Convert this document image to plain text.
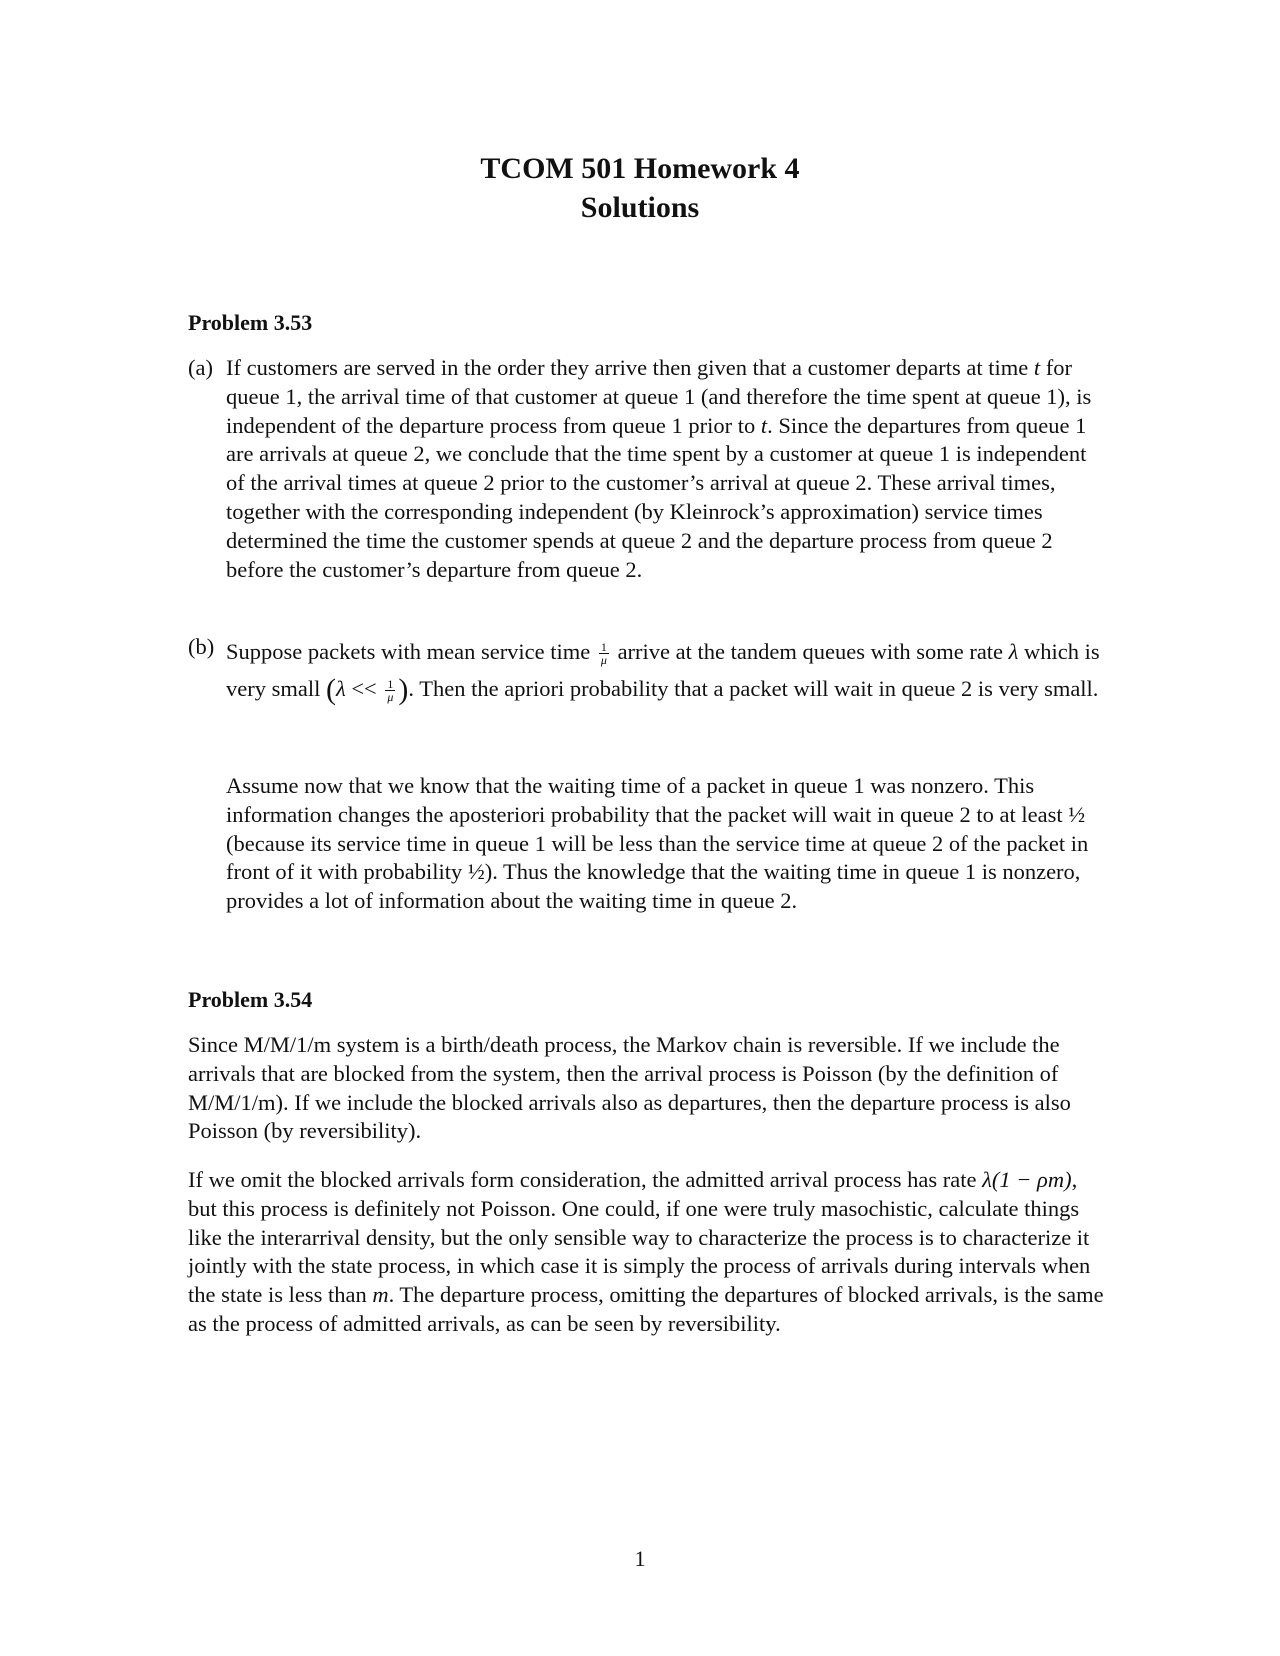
TCOM 501 Homework 4
Solutions
Problem 3.53
(a) If customers are served in the order they arrive then given that a customer departs at time t for queue 1, the arrival time of that customer at queue 1 (and therefore the time spent at queue 1), is independent of the departure process from queue 1 prior to t. Since the departures from queue 1 are arrivals at queue 2, we conclude that the time spent by a customer at queue 1 is independent of the arrival times at queue 2 prior to the customer’s arrival at queue 2. These arrival times, together with the corresponding independent (by Kleinrock’s approximation) service times determined the time the customer spends at queue 2 and the departure process from queue 2 before the customer’s departure from queue 2.

(b) Suppose packets with mean service time $\frac{1}{\mu}$ arrive at the tandem queues with some rate λ which is very small ($\lambda << \frac{1}{\mu}$ ). Then the apriori probability that a packet will wait in queue 2 is very small.

Assume now that we know that the waiting time of a packet in queue 1 was nonzero. This information changes the aposteriori probability that the packet will wait in queue 2 to at least ½ (because its service time in queue 1 will be less than the service time at queue 2 of the packet in front of it with probability ½). Thus the knowledge that the waiting time in queue 1 is nonzero, provides a lot of information about the waiting time in queue 2.

Problem 3.54

Since M/M/1/m system is a birth/death process, the Markov chain is reversible. If we include the arrivals that are blocked from the system, then the arrival process is Poisson (by the definition of M/M/1/m). If we include the blocked arrivals also as departures, then the departure process is also Poisson (by reversibility).

If we omit the blocked arrivals form consideration, the admitted arrival process has rate λ(1 − ρm), but this process is definitely not Poisson. One could, if one were truly masochistic, calculate things like the interarrival density, but the only sensible way to characterize the process is to characterize it jointly with the state process, in which case it is simply the process of arrivals during intervals when the state is less than m. The departure process, omitting the departures of blocked arrivals, is the same as the process of admitted arrivals, as can be seen by reversibility.

1
